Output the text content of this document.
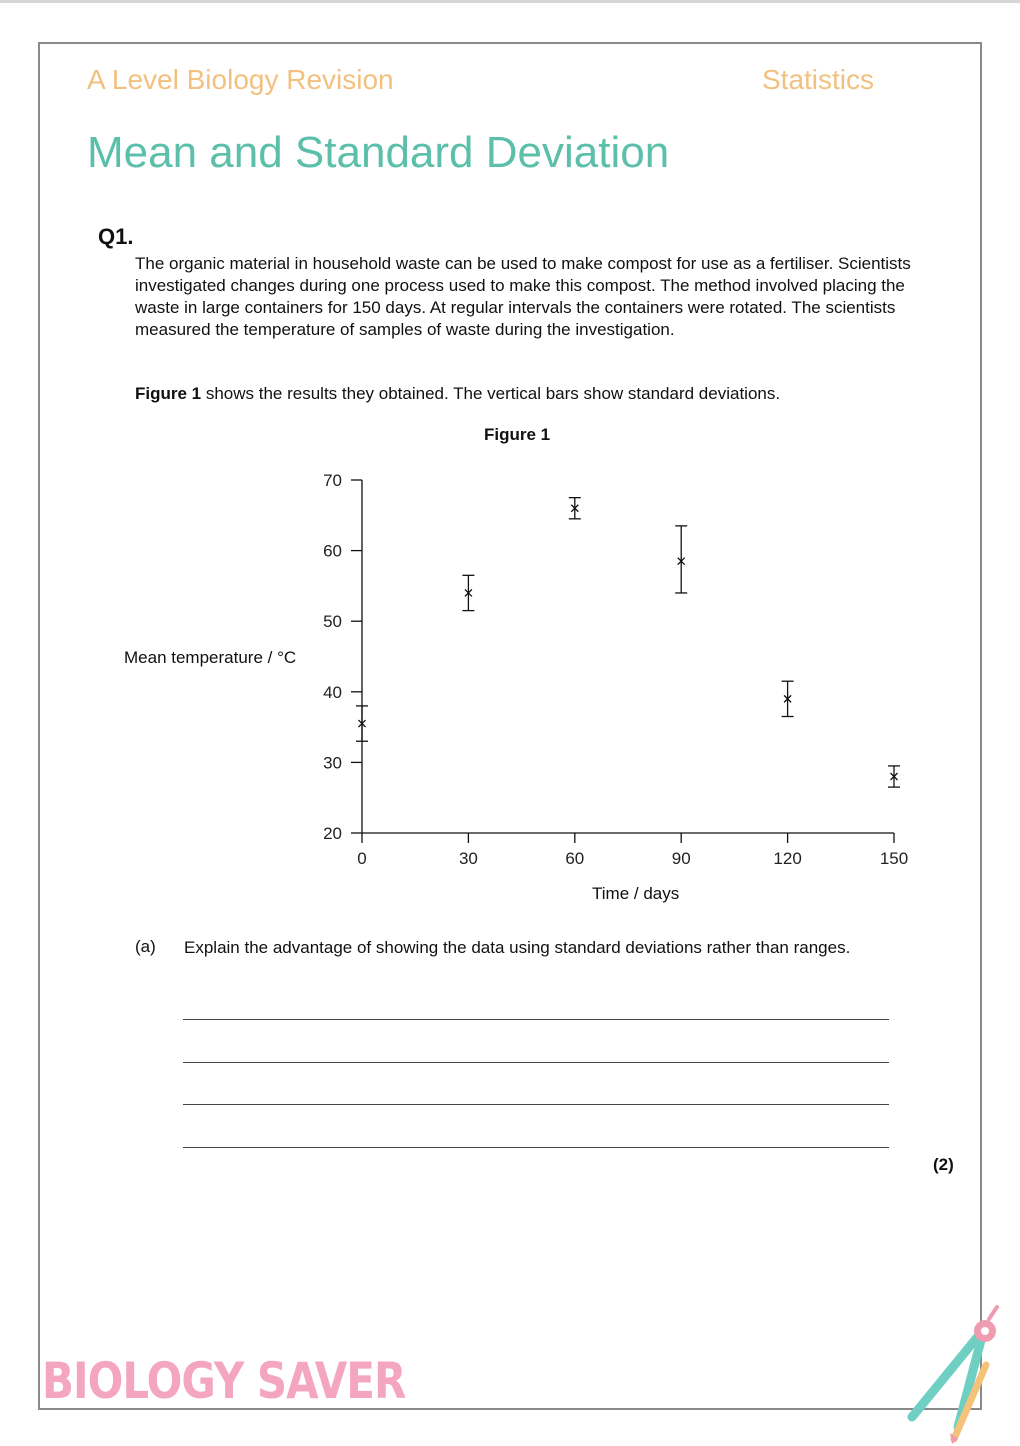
A Level Biology Revision	Statistics
Mean and Standard Deviation
Q1.

The organic material in household waste can be used to make compost for use as a fertiliser. Scientists investigated changes during one process used to make this compost. The method involved placing the waste in large containers for 150 days. At regular intervals the containers were rotated. The scientists measured the temperature of samples of waste during the investigation.

Figure 1 shows the results they obtained. The vertical bars show standard deviations.
Figure 1
Mean temperature / °C
Time / days
20
30
40
50
60
70
0	30	60	90	120	150
(a) Explain the advantage of showing the data using standard deviations rather than ranges.

(2)
BIOLOGY SAVER
